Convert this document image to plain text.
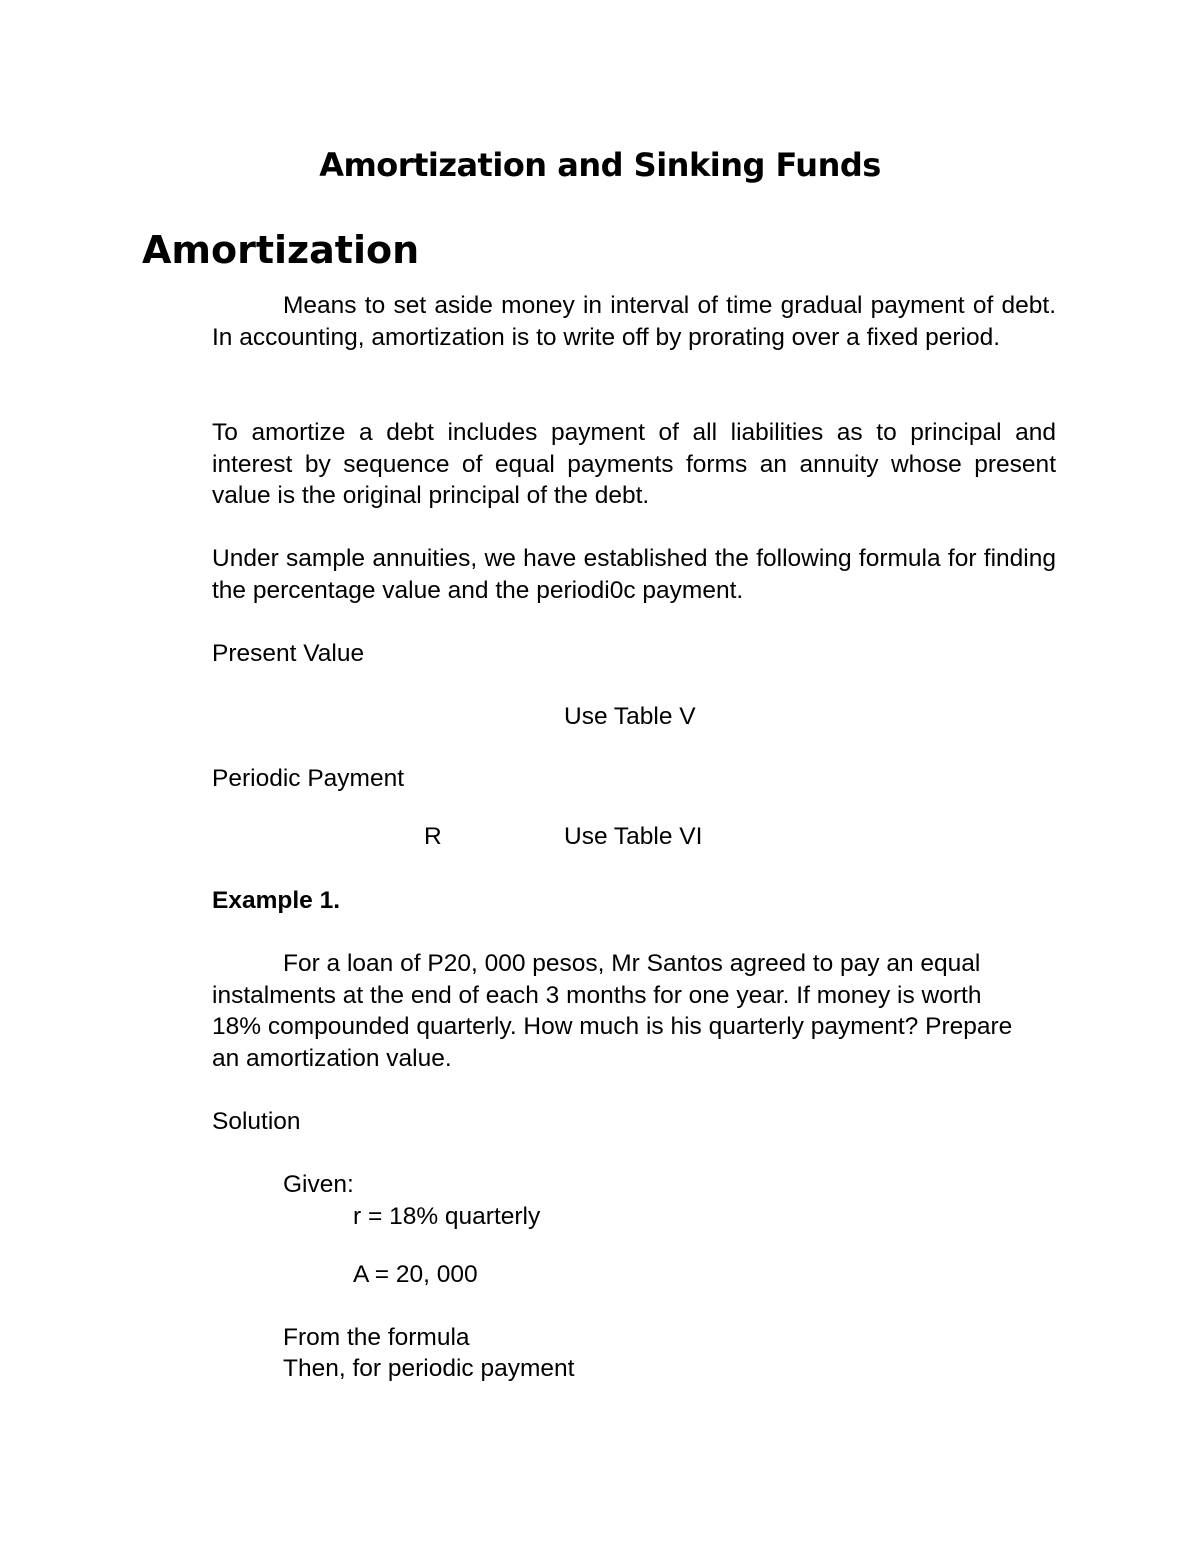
Amortization and Sinking Funds
Amortization

Means to set aside money in interval of time gradual payment of debt. In accounting, amortization is to write off by prorating over a fixed period.

To amortize a debt includes payment of all liabilities as to principal and interest by sequence of equal payments forms an annuity whose present value is the original principal of the debt.

Under sample annuities, we have established the following formula for finding the percentage value and the periodi0c payment.

Present Value

Use Table V

Periodic Payment

R	Use Table VI

Example 1.

For a loan of P20, 000 pesos, Mr Santos agreed to pay an equal instalments at the end of each 3 months for one year. If money is worth 18% compounded quarterly. How much is his quarterly payment? Prepare an amortization value.

Solution

Given:

r = 18% quarterly

A = 20, 000

From the formula

Then, for periodic payment
